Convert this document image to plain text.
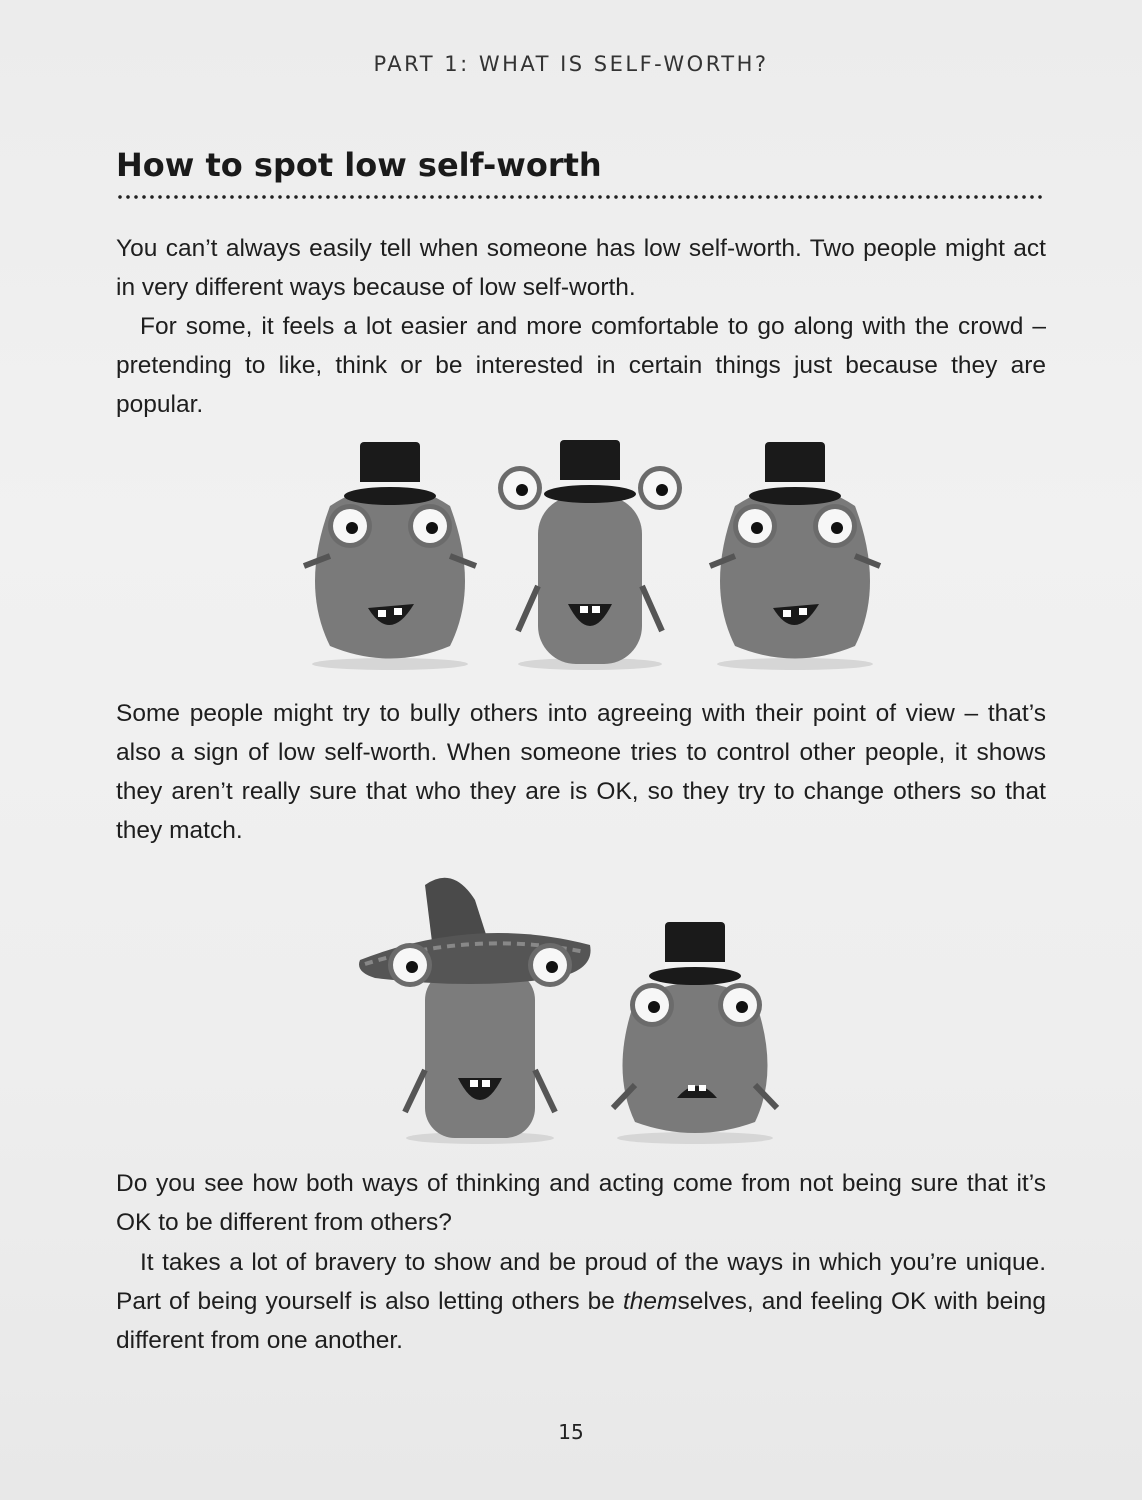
PART 1: WHAT IS SELF-WORTH?
How to spot low self-worth

You can’t always easily tell when someone has low self-worth. Two people might act in very different ways because of low self-worth.

For some, it feels a lot easier and more comfortable to go along with the crowd – pretending to like, think or be interested in certain things just because they are popular.

Some people might try to bully others into agreeing with their point of view – that’s also a sign of low self-worth. When someone tries to control other people, it shows they aren’t really sure that who they are is OK, so they try to change others so that they match.

Do you see how both ways of thinking and acting come from not being sure that it’s OK to be different from others?

It takes a lot of bravery to show and be proud of the ways in which you’re unique. Part of being yourself is also letting others be themselves, and feeling OK with being different from one another.

15
